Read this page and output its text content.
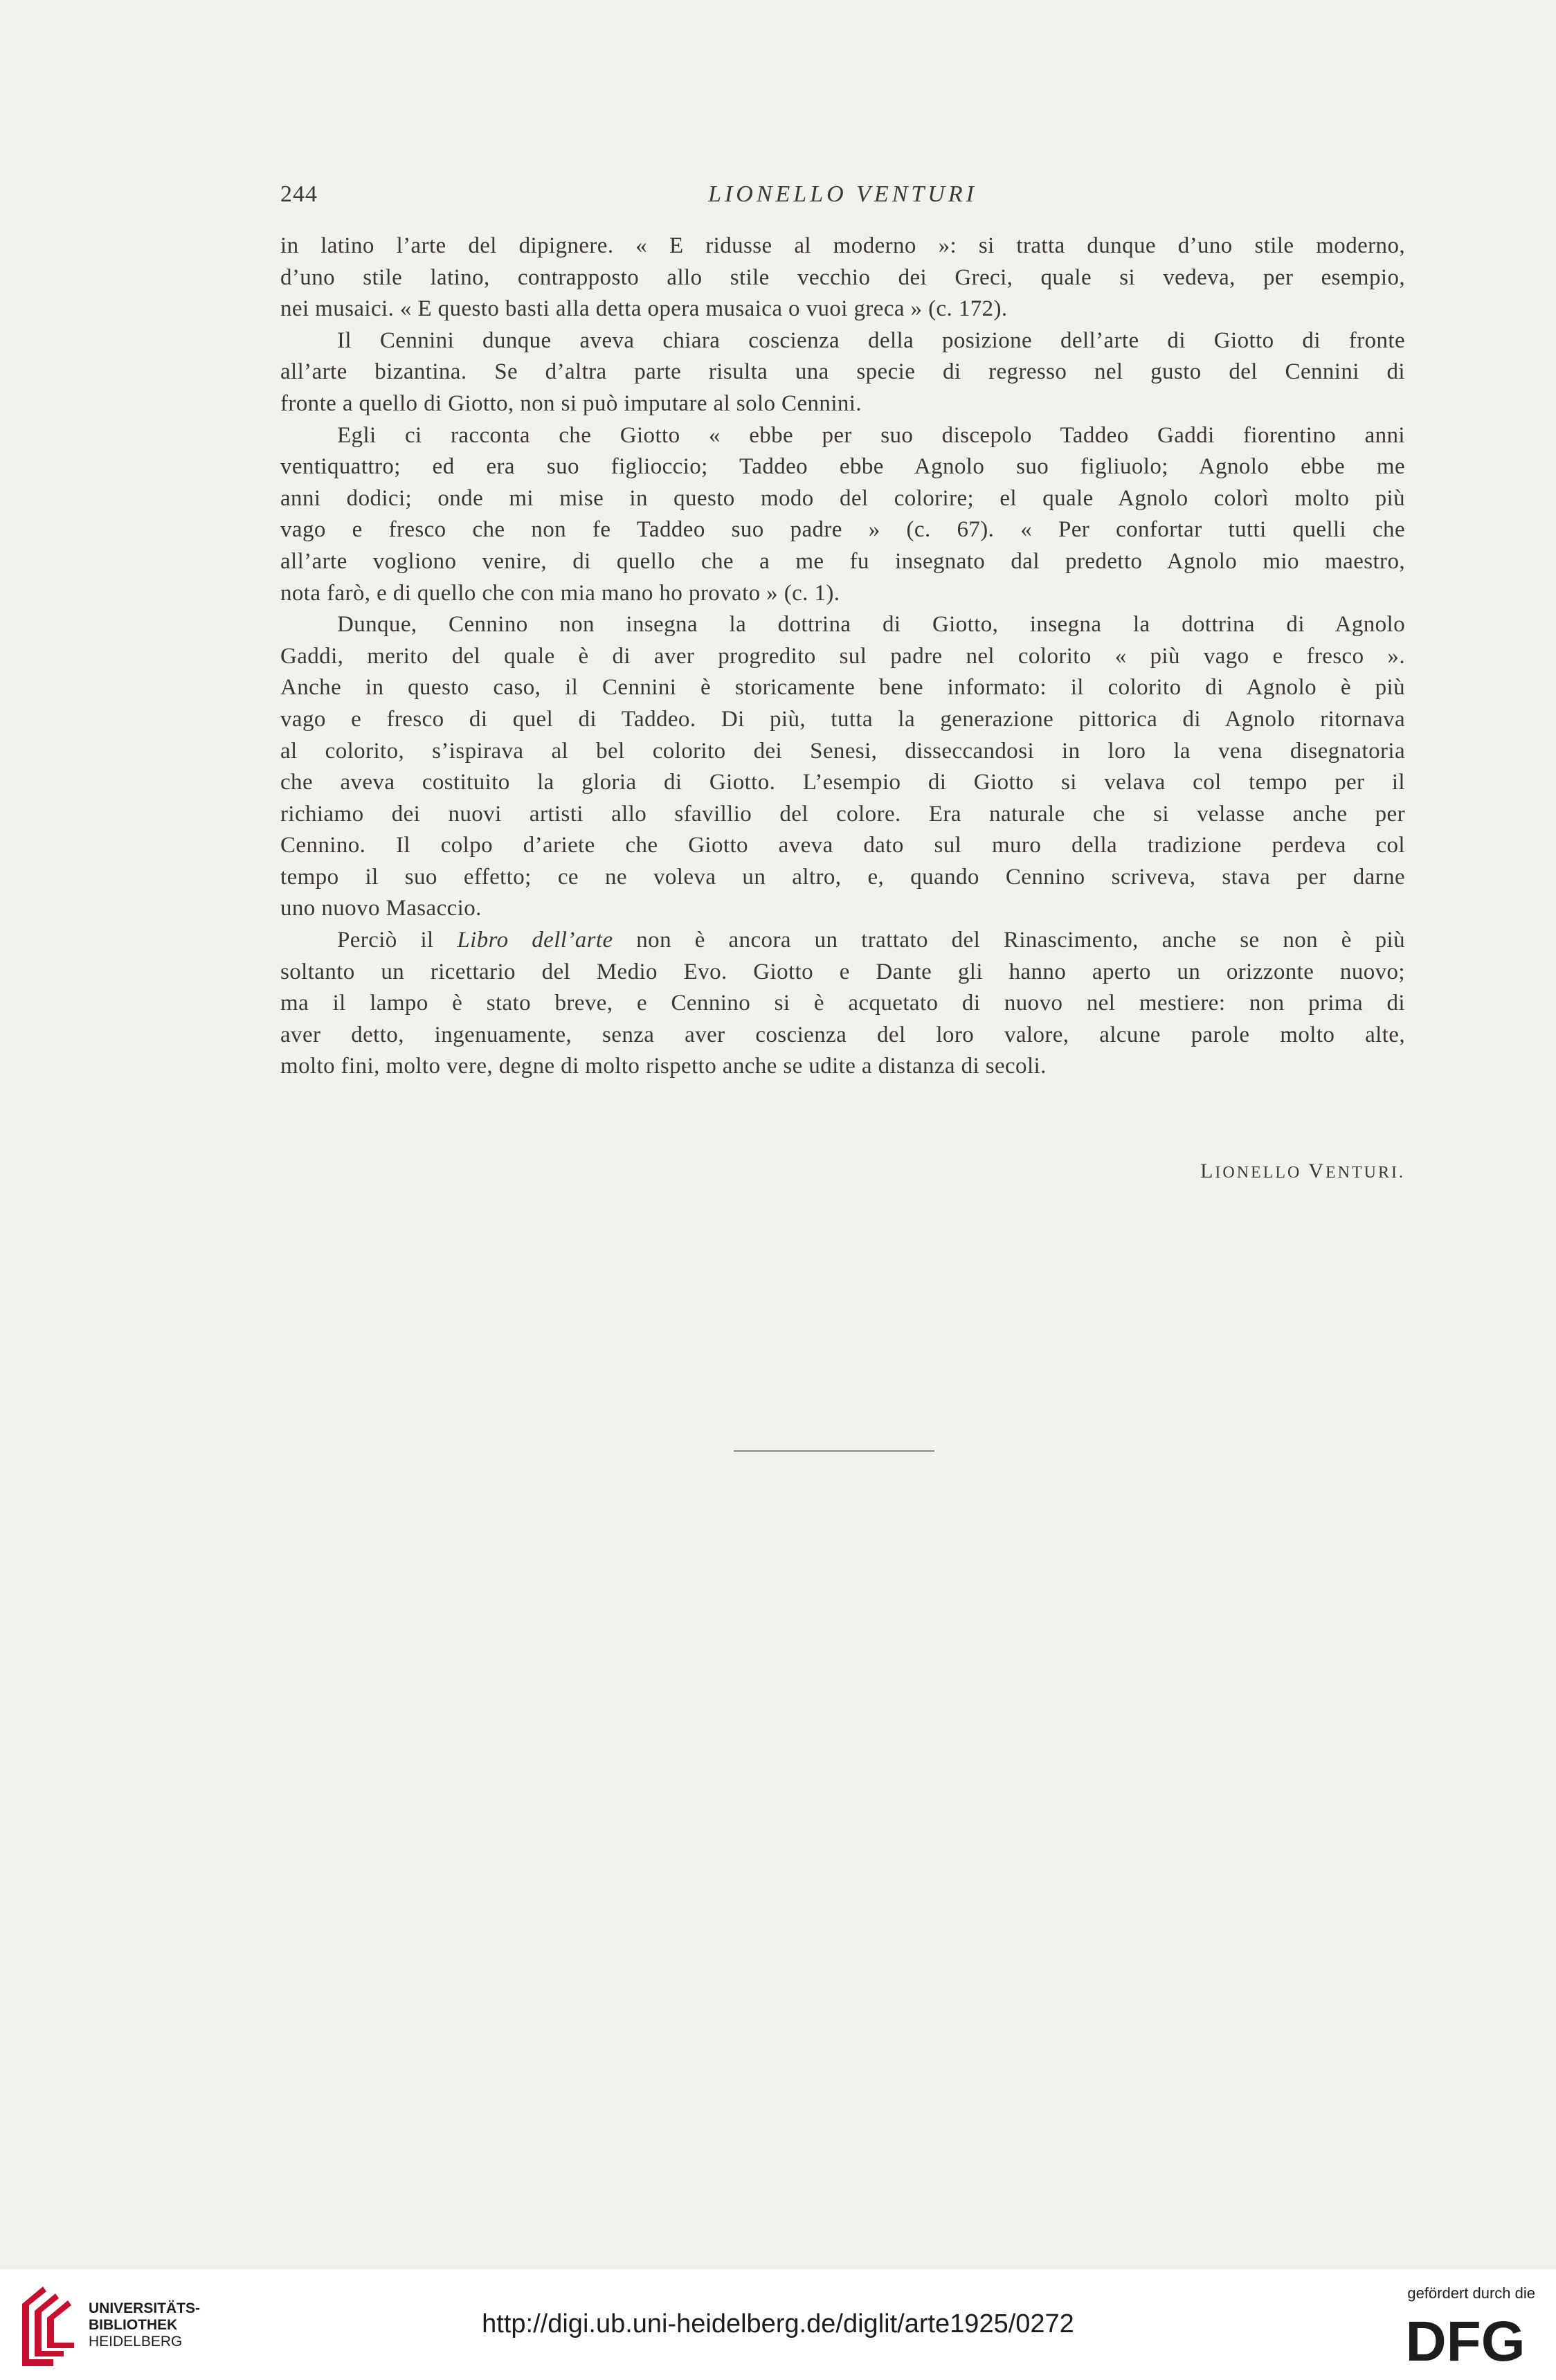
244	LIONELLO VENTURI
in latino l’arte del dipignere. « E ridusse al moderno »: si tratta dunque d’uno stile moderno,
d’uno stile latino, contrapposto allo stile vecchio dei Greci, quale si vedeva, per esempio,
nei musaici. « E questo basti alla detta opera musaica o vuoi greca » (c. 172).
Il Cennini dunque aveva chiara coscienza della posizione dell’arte di Giotto di fronte
all’arte bizantina. Se d’altra parte risulta una specie di regresso nel gusto del Cennini di
fronte a quello di Giotto, non si può imputare al solo Cennini.
Egli ci racconta che Giotto « ebbe per suo discepolo Taddeo Gaddi fiorentino anni
ventiquattro; ed era suo figlioccio; Taddeo ebbe Agnolo suo figliuolo; Agnolo ebbe me
anni dodici; onde mi mise in questo modo del colorire; el quale Agnolo colorì molto più
vago e fresco che non fe Taddeo suo padre » (c. 67). « Per confortar tutti quelli che
all’arte vogliono venire, di quello che a me fu insegnato dal predetto Agnolo mio maestro,
nota farò, e di quello che con mia mano ho provato » (c. 1).
Dunque, Cennino non insegna la dottrina di Giotto, insegna la dottrina di Agnolo
Gaddi, merito del quale è di aver progredito sul padre nel colorito « più vago e fresco ».
Anche in questo caso, il Cennini è storicamente bene informato: il colorito di Agnolo è più
vago e fresco di quel di Taddeo. Di più, tutta la generazione pittorica di Agnolo ritornava
al colorito, s’ispirava al bel colorito dei Senesi, disseccandosi in loro la vena disegnatoria
che aveva costituito la gloria di Giotto. L’esempio di Giotto si velava col tempo per il
richiamo dei nuovi artisti allo sfavillio del colore. Era naturale che si velasse anche per
Cennino. Il colpo d’ariete che Giotto aveva dato sul muro della tradizione perdeva col
tempo il suo effetto; ce ne voleva un altro, e, quando Cennino scriveva, stava per darne
uno nuovo Masaccio.
Perciò il Libro dell’arte non è ancora un trattato del Rinascimento, anche se non è più
soltanto un ricettario del Medio Evo. Giotto e Dante gli hanno aperto un orizzonte nuovo;
ma il lampo è stato breve, e Cennino si è acquetato di nuovo nel mestiere: non prima di
aver detto, ingenuamente, senza aver coscienza del loro valore, alcune parole molto alte,
molto fini, molto vere, degne di molto rispetto anche se udite a distanza di secoli.
LIONELLO VENTURI.
UNIVERSITÄTS-
BIBLIOTHEK
HEIDELBERG
http://digi.ub.uni-heidelberg.de/diglit/arte1925/0272
gefördert durch die
DFG
